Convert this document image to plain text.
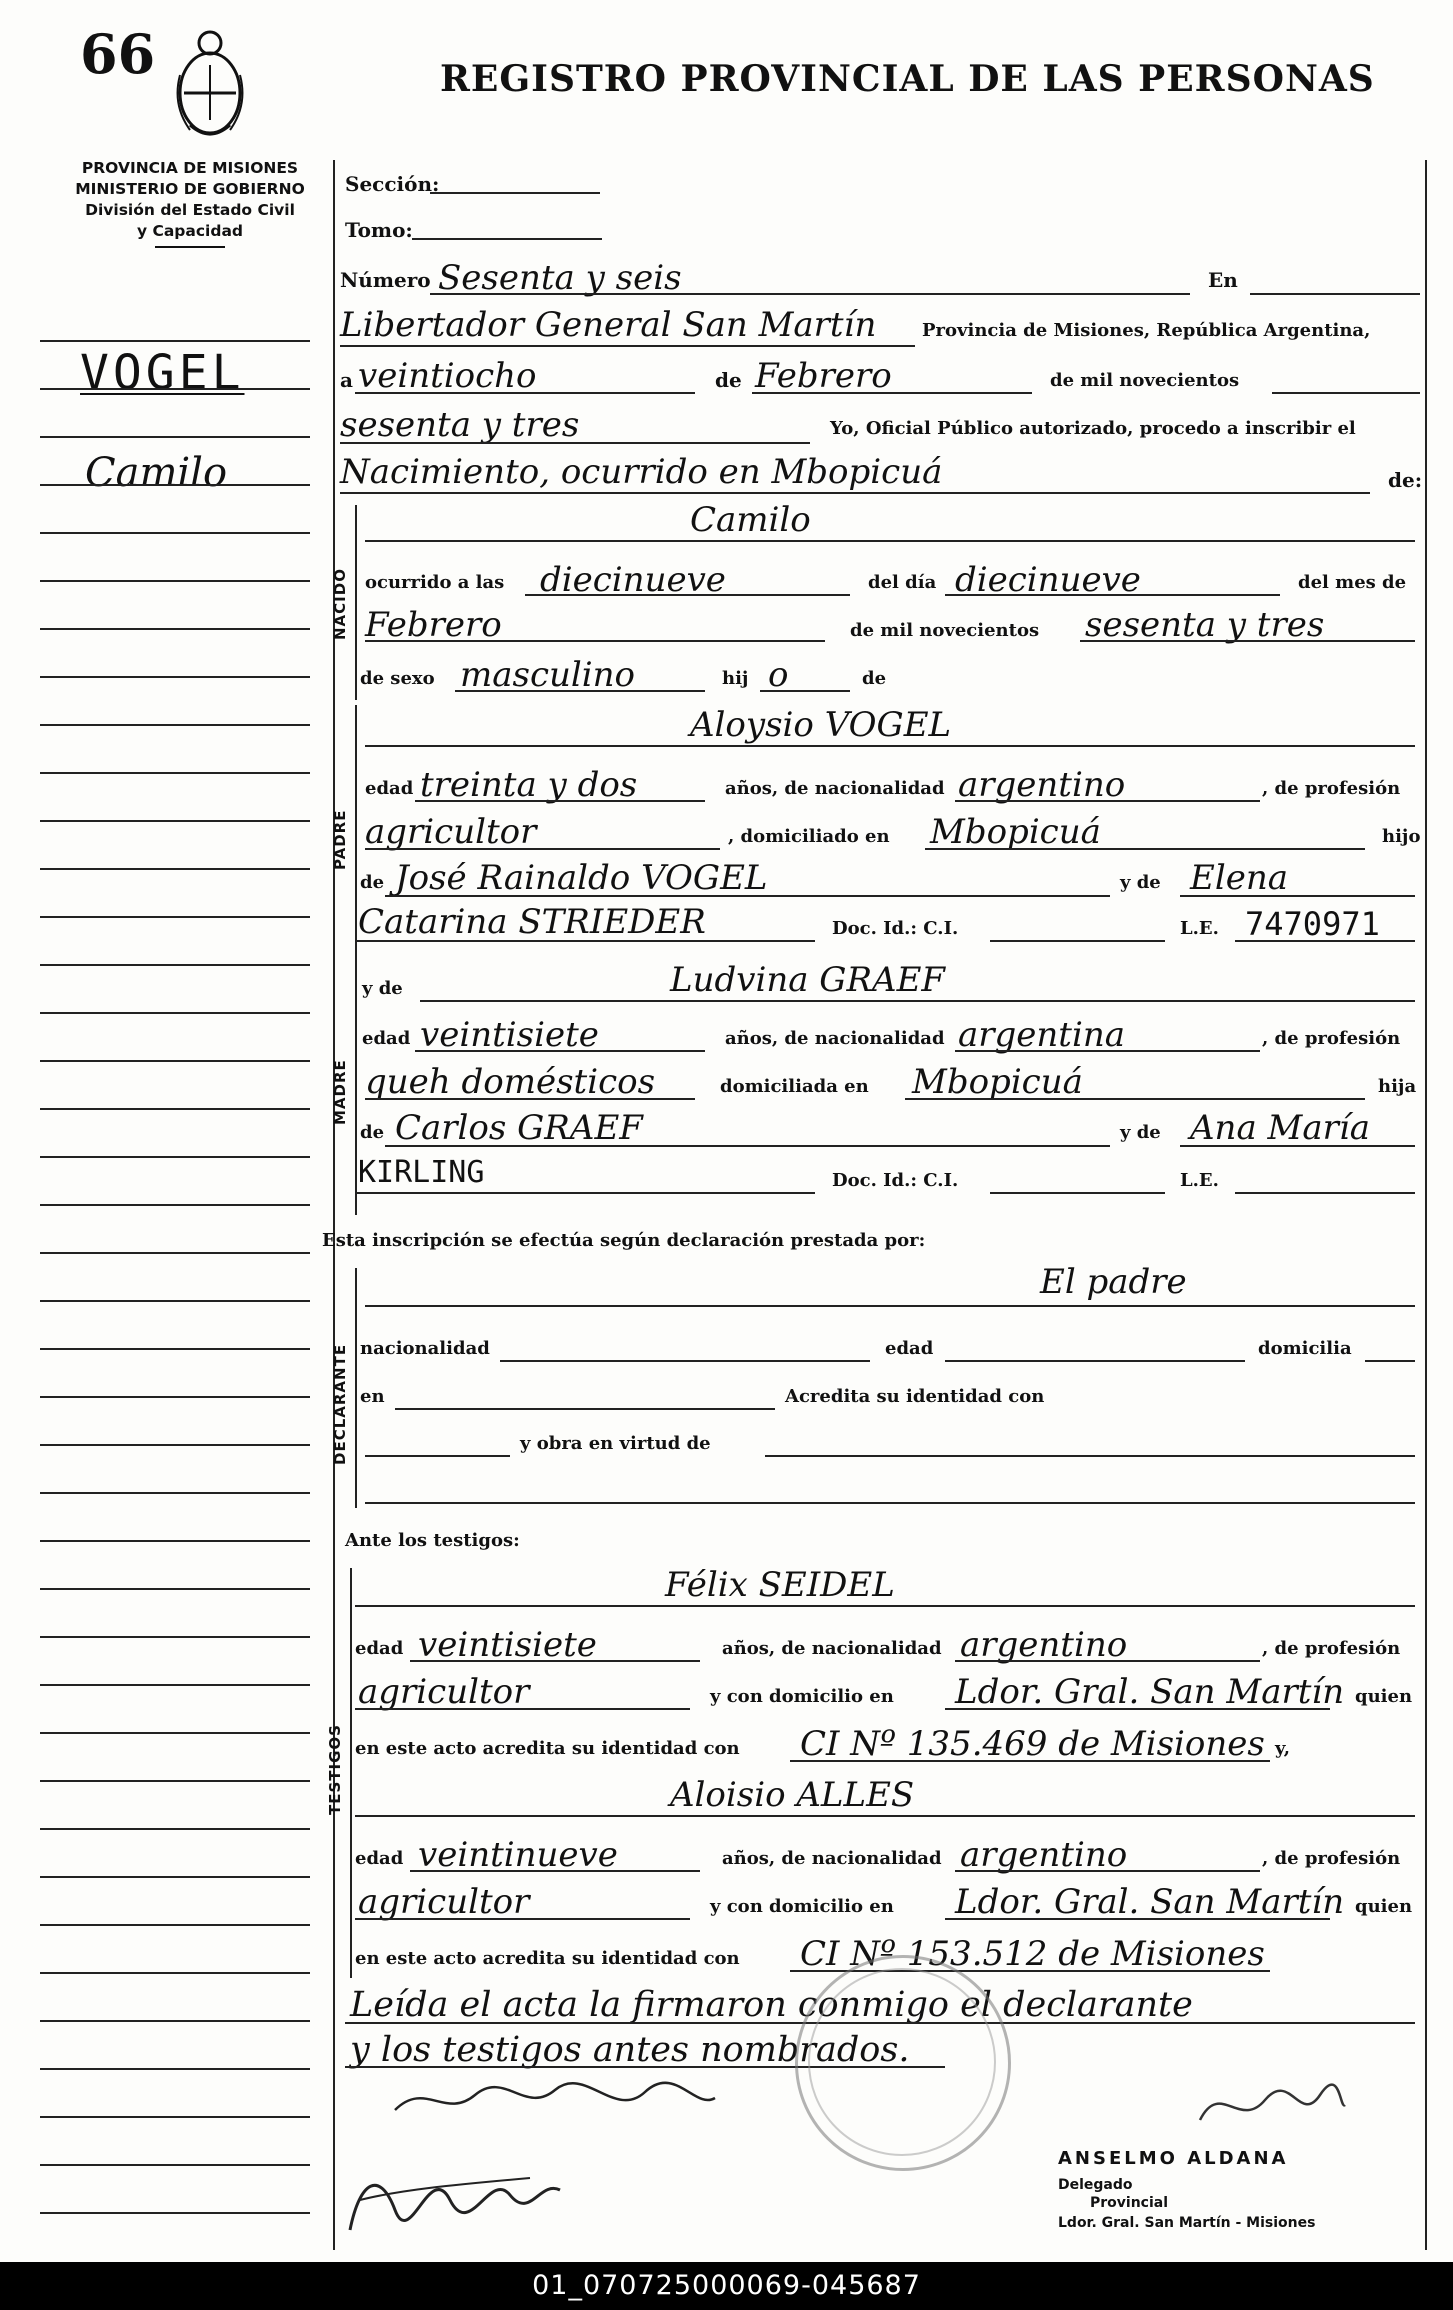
66	REGISTRO PROVINCIAL DE LAS PERSONAS
PROVINCIA DE MISIONES
MINISTERIO DE GOBIERNO
División del Estado Civil
y Capacidad
VOGEL
Camilo
Sección:
Tomo:
Número Sesenta y seis	En
Libertador General San Martín	Provincia de Misiones, República Argentina,
a veintiocho	de Febrero	de mil novecientos
sesenta y tres	Yo, Oficial Público autorizado, procedo a inscribir el
Nacimiento, ocurrido en Mbopicuá	de:
NACIDO
Camilo
ocurrido a las diecinueve	del día diecinueve	del mes de
Febrero	de mil novecientos sesenta y tres
de sexo masculino	hij o	de
PADRE
Aloysio VOGEL
edad treinta y dos	años, de nacionalidad argentino	, de profesión
agricultor	, domiciliado en Mbopicuá	hijo
de José Rainaldo VOGEL	y de Elena
Catarina STRIEDER	Doc. Id.: C.I.	L.E. 7470971
MADRE
y de	Ludvina GRAEF
edad veintisiete	años, de nacionalidad argentina	, de profesión
queh domésticos	domiciliada en Mbopicuá	hija
de Carlos GRAEF	y de Ana María
KIRLING	Doc. Id.: C.I.	L.E.
Esta inscripción se efectúa según declaración prestada por:
DECLARANTE
El padre
nacionalidad	edad	domicilia
en	Acredita su identidad con
y obra en virtud de
Ante los testigos:
TESTIGOS
Félix SEIDEL
edad veintisiete	años, de nacionalidad argentino	, de profesión
agricultor	y con domicilio en Ldor. Gral. San Martín quien
en este acto acredita su identidad con CI Nº 135.469 de Misiones y,
Aloisio ALLES
edad veintinueve	años, de nacionalidad argentino	, de profesión
agricultor	y con domicilio en Ldor. Gral. San Martín quien
en este acto acredita su identidad con CI Nº 153.512 de Misiones
Leída el acta la firmaron conmigo el declarante
y los testigos antes nombrados.
ANSELMO ALDANA
Delegado
Provincial
Ldor. Gral. San Martín - Misiones
01_070725000069-045687
